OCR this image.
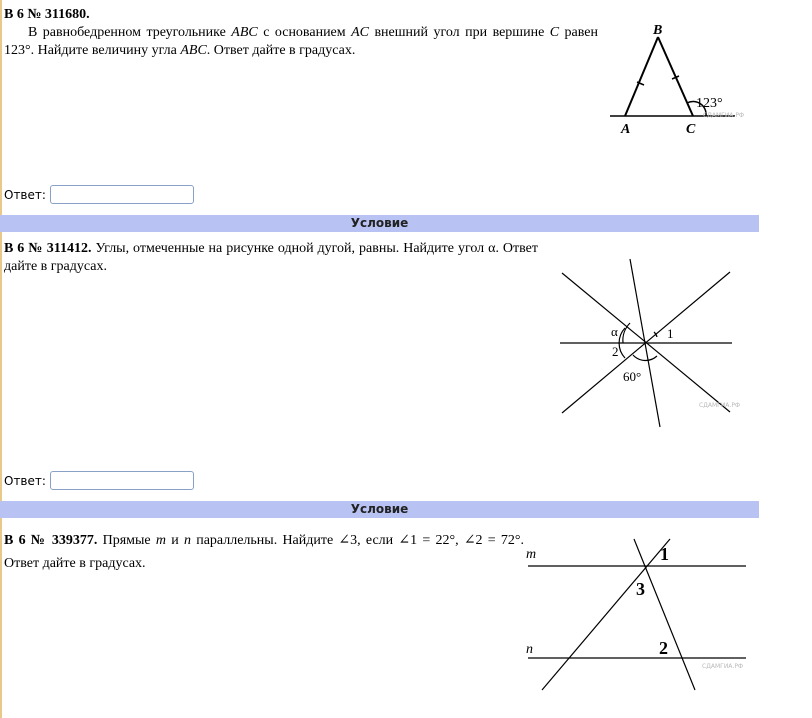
В 6 № 311680.
В равнобедренном треугольнике ABC с основанием AC внешний угол при вершине C равен 123°. Найдите величину угла ABC. Ответ дайте в градусах.
B
A	C
123°
СДАМГИА.РФ
Ответ:
Условие
В 6 № 311412. Углы, отмеченные на рисунке одной дугой, равны. Найдите угол α. Ответ дайте в градусах.
α	1
2
60°
СДАМГИА.РФ
Ответ:
Условие
В 6 № 339377. Прямые m и n параллельны. Найдите ∠3, если ∠1 = 22°, ∠2 = 72°. Ответ дайте в градусах.
m
n
1
3
2
СДАМГИА.РФ
